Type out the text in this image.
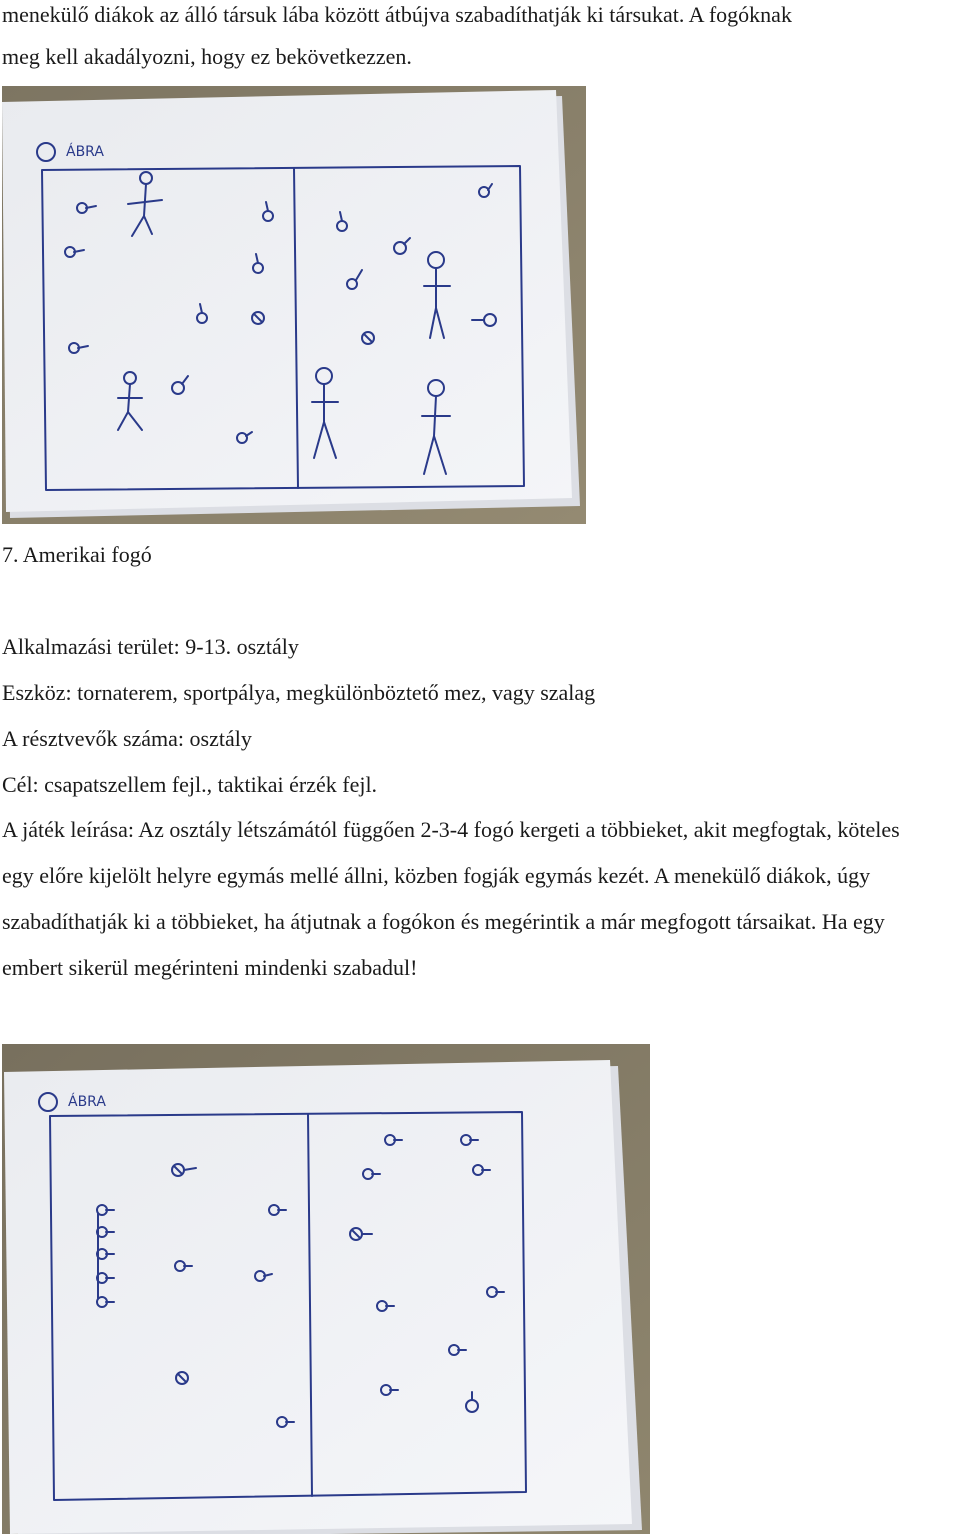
menekülő diákok az álló társuk lába között átbújva szabadíthatják ki társukat. A fogóknak

meg kell akadályozni, hogy ez bekövetkezzen.

ÁBRA

7. Amerikai fogó

Alkalmazási terület: 9-13. osztály

Eszköz: tornaterem, sportpálya, megkülönböztető mez, vagy szalag

A résztvevők száma: osztály

Cél: csapatszellem fejl., taktikai érzék fejl.

A játék leírása: Az osztály létszámától függően 2-3-4 fogó kergeti a többieket, akit megfogtak, köteles egy előre kijelölt helyre egymás mellé állni, közben fogják egymás kezét. A menekülő diákok, úgy szabadíthatják ki a többieket, ha átjutnak a fogókon és megérintik a már megfogott társaikat. Ha egy embert sikerül megérinteni mindenki szabadul!

ÁBRA
